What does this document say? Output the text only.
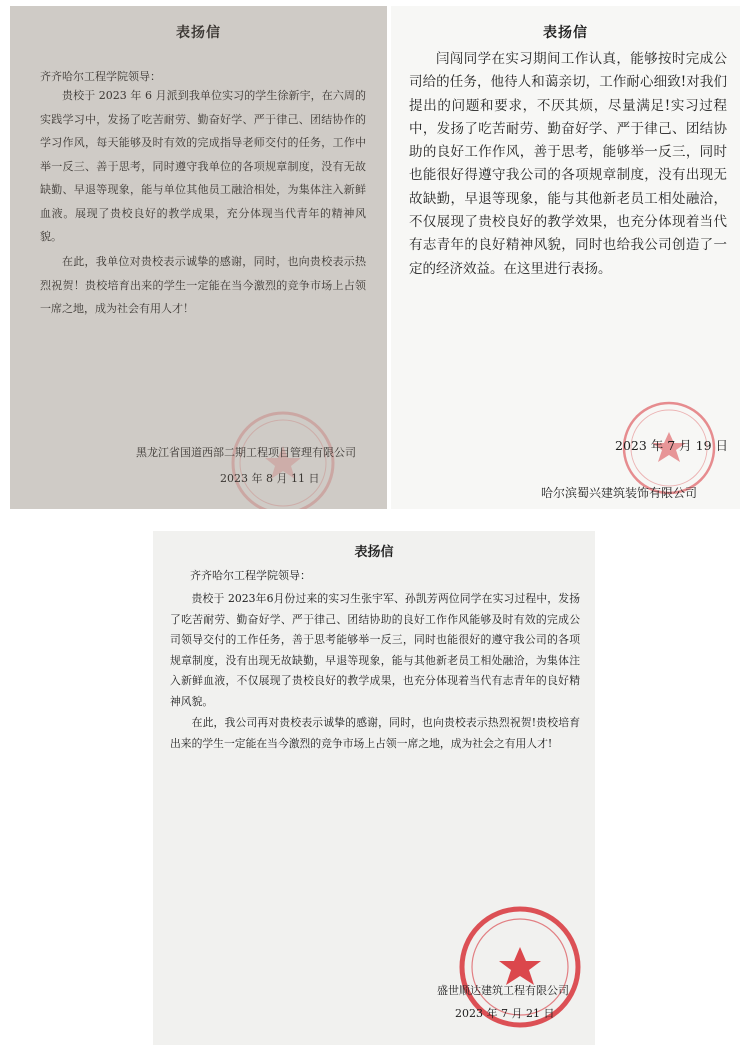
表扬信

齐齐哈尔工程学院领导：

贵校于 2023 年 6 月派到我单位实习的学生徐新宇，在六周的实践学习中，发扬了吃苦耐劳、勤奋好学、严于律己、团结协作的学习作风，每天能够及时有效的完成指导老师交付的任务，工作中举一反三、善于思考，同时遵守我单位的各项规章制度，没有无故缺勤、早退等现象，能与单位其他员工融洽相处，为集体注入新鲜血液。展现了贵校良好的教学成果，充分体现当代青年的精神风貌。

在此，我单位对贵校表示诚挚的感谢，同时，也向贵校表示热烈祝贺！贵校培育出来的学生一定能在当今激烈的竞争市场上占领一席之地，成为社会有用人才！

黑龙江省国道西部二期工程项目管理有限公司
2023 年 8 月 11 日
表扬信

闫闯同学在实习期间工作认真，能够按时完成公司给的任务，他待人和蔼亲切，工作耐心细致!对我们提出的问题和要求，不厌其烦，尽量满足!实习过程中，发扬了吃苦耐劳、勤奋好学、严于律己、团结协助的良好工作作风，善于思考，能够举一反三，同时也能很好得遵守我公司的各项规章制度，没有出现无故缺勤，早退等现象，能与其他新老员工相处融洽，不仅展现了贵校良好的教学效果，也充分体现着当代有志青年的良好精神风貌，同时也给我公司创造了一定的经济效益。在这里进行表扬。

2023 年 7 月 19 日
哈尔滨蜀兴建筑装饰有限公司
表扬信

齐齐哈尔工程学院领导：

贵校于 2023年6月份过来的实习生张宇军、孙凯芳两位同学在实习过程中，发扬了吃苦耐劳、勤奋好学、严于律己、团结协助的良好工作作风能够及时有效的完成公司领导交付的工作任务，善于思考能够举一反三，同时也能很好的遵守我公司的各项规章制度，没有出现无故缺勤，早退等现象，能与其他新老员工相处融洽，为集体注入新鲜血液，不仅展现了贵校良好的教学成果，也充分体现着当代有志青年的良好精神风貌。

在此，我公司再对贵校表示诚挚的感谢，同时，也向贵校表示热烈祝贺!贵校培育出来的学生一定能在当今激烈的竞争市场上占领一席之地，成为社会之有用人才!

盛世顺达建筑工程有限公司
2023 年 7 月 21 日
